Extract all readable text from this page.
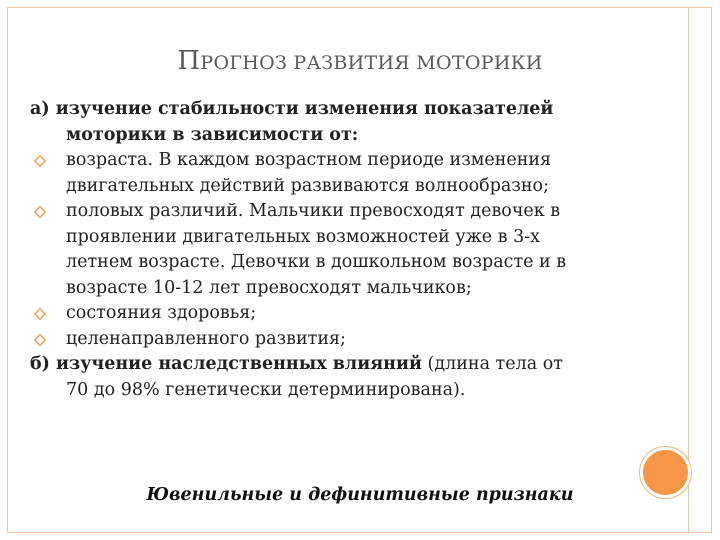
ПРОГНОЗ РАЗВИТИЯ МОТОРИКИ
а) изучение стабильности изменения показателей
моторики в зависимости от:
возраста. В каждом возрастном периоде изменения
двигательных действий развиваются волнообразно;
половых различий. Мальчики превосходят девочек в
проявлении двигательных возможностей уже в 3-х
летнем возрасте. Девочки в дошкольном возрасте и в
возрасте 10-12 лет превосходят мальчиков;
состояния здоровья;
целенаправленного развития;
б) изучение наследственных влияний (длина тела от
70 до 98% генетически детерминирована).
Ювенильные и дефинитивные признаки
